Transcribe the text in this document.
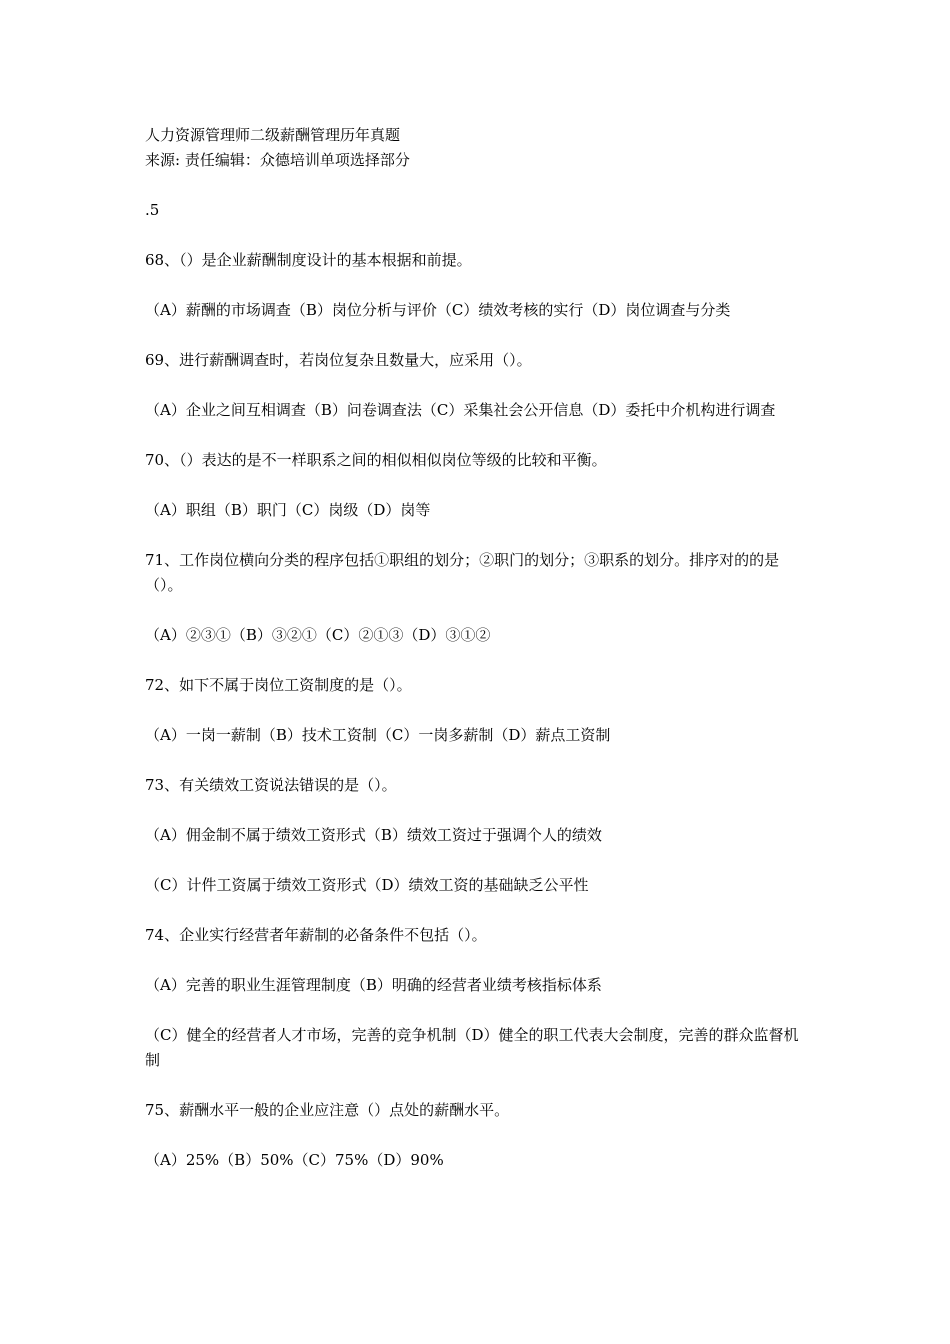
人力资源管理师二级薪酬管理历年真题

来源: 责任编辑：众德培训单项选择部分

.5

68、（）是企业薪酬制度设计的基本根据和前提。

（A）薪酬的市场调查（B）岗位分析与评价（C）绩效考核的实行（D）岗位调查与分类

69、进行薪酬调查时，若岗位复杂且数量大，应采用（）。

（A）企业之间互相调查（B）问卷调查法（C）采集社会公开信息（D）委托中介机构进行调查

70、（）表达的是不一样职系之间的相似相似岗位等级的比较和平衡。

（A）职组（B）职门（C）岗级（D）岗等

71、工作岗位横向分类的程序包括①职组的划分；②职门的划分；③职系的划分。排序对的的是（）。

（A）②③①（B）③②①（C）②①③（D）③①②

72、如下不属于岗位工资制度的是（）。

（A）一岗一薪制（B）技术工资制（C）一岗多薪制（D）薪点工资制

73、有关绩效工资说法错误的是（）。

（A）佣金制不属于绩效工资形式（B）绩效工资过于强调个人的绩效

（C）计件工资属于绩效工资形式（D）绩效工资的基础缺乏公平性

74、企业实行经营者年薪制的必备条件不包括（）。

（A）完善的职业生涯管理制度（B）明确的经营者业绩考核指标体系

（C）健全的经营者人才市场，完善的竞争机制（D）健全的职工代表大会制度，完善的群众监督机制

75、薪酬水平一般的企业应注意（）点处的薪酬水平。

（A）25%（B）50%（C）75%（D）90%
